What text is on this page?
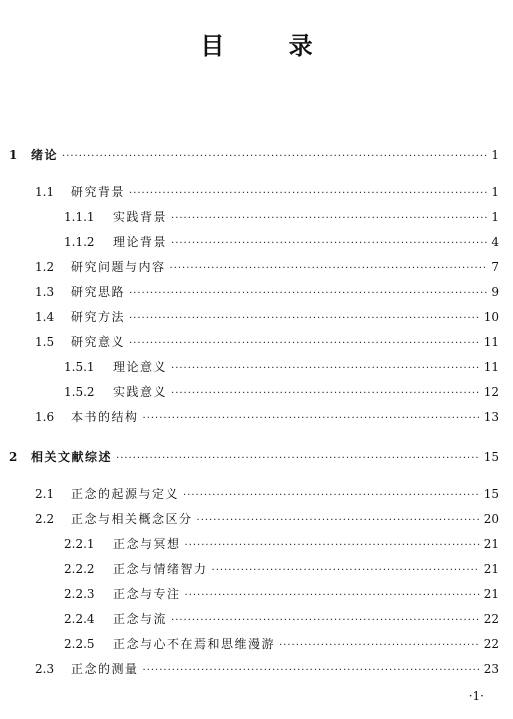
目 录
1	绪论 ·····	1
1.1	研究背景 ·····	1
1.1.1	实践背景 ·····	1
1.1.2	理论背景 ·····	4
1.2	研究问题与内容 ·····	7
1.3	研究思路 ·····	9
1.4	研究方法 ·····	10
1.5	研究意义 ·····	11
1.5.1	理论意义 ·····	11
1.5.2	实践意义 ·····	12
1.6	本书的结构 ·····	13
2	相关文献综述 ·····	15
2.1	正念的起源与定义 ·····	15
2.2	正念与相关概念区分 ·····	20
2.2.1	正念与冥想 ·····	21
2.2.2	正念与情绪智力 ·····	21
2.2.3	正念与专注 ·····	21
2.2.4	正念与流 ·····	22
2.2.5	正念与心不在焉和思维漫游 ·····	22
2.3	正念的测量 ·····	23
·1·
